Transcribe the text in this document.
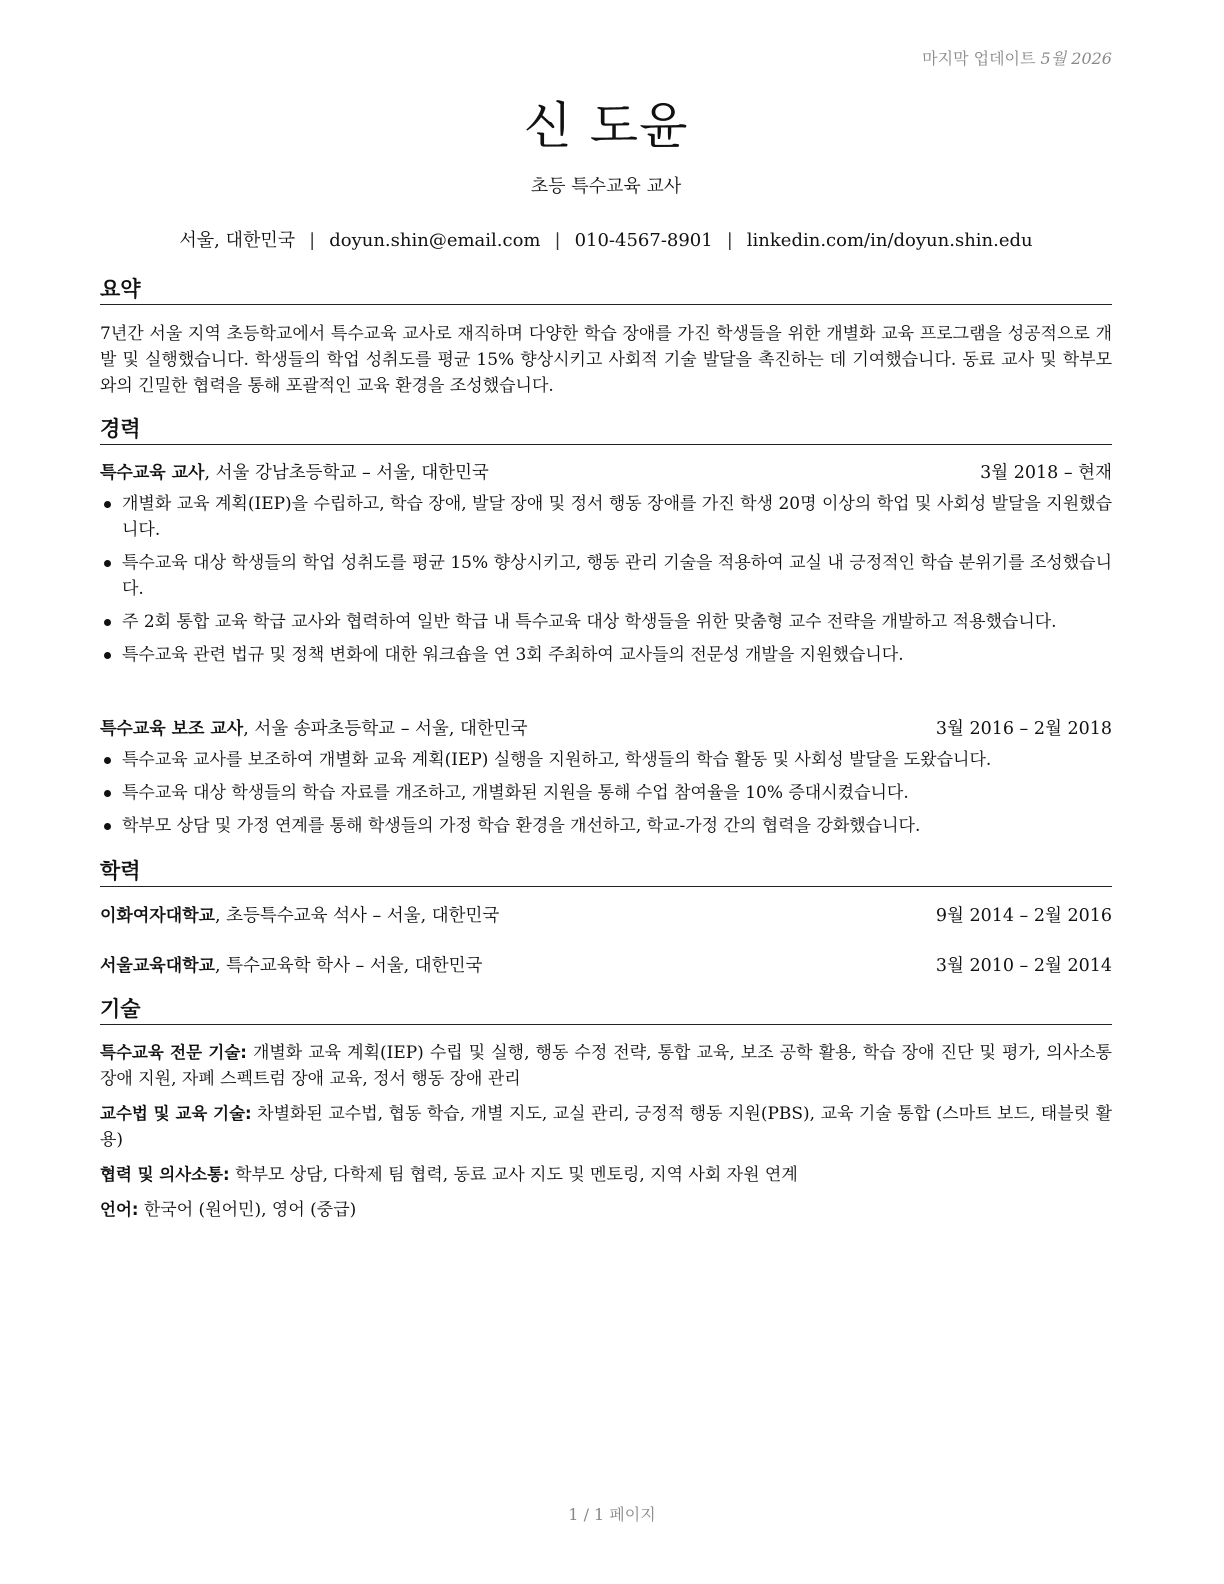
마지막 업데이트 5월 2026
신 도윤
초등 특수교육 교사
서울, 대한민국 | doyun.shin@email.com | 010-4567-8901 | linkedin.com/in/doyun.shin.edu
요약
7년간 서울 지역 초등학교에서 특수교육 교사로 재직하며 다양한 학습 장애를 가진 학생들을 위한 개별화 교육 프로그램을 성공적으로 개발 및 실행했습니다. 학생들의 학업 성취도를 평균 15% 향상시키고 사회적 기술 발달을 촉진하는 데 기여했습니다. 동료 교사 및 학부모와의 긴밀한 협력을 통해 포괄적인 교육 환경을 조성했습니다.
경력
특수교육 교사, 서울 강남초등학교 – 서울, 대한민국	3월 2018 – 현재
개별화 교육 계획(IEP)을 수립하고, 학습 장애, 발달 장애 및 정서 행동 장애를 가진 학생 20명 이상의 학업 및 사회성 발달을 지원했습니다.
특수교육 대상 학생들의 학업 성취도를 평균 15% 향상시키고, 행동 관리 기술을 적용하여 교실 내 긍정적인 학습 분위기를 조성했습니다.
주 2회 통합 교육 학급 교사와 협력하여 일반 학급 내 특수교육 대상 학생들을 위한 맞춤형 교수 전략을 개발하고 적용했습니다.
특수교육 관련 법규 및 정책 변화에 대한 워크숍을 연 3회 주최하여 교사들의 전문성 개발을 지원했습니다.
특수교육 보조 교사, 서울 송파초등학교 – 서울, 대한민국	3월 2016 – 2월 2018
특수교육 교사를 보조하여 개별화 교육 계획(IEP) 실행을 지원하고, 학생들의 학습 활동 및 사회성 발달을 도왔습니다.
특수교육 대상 학생들의 학습 자료를 개조하고, 개별화된 지원을 통해 수업 참여율을 10% 증대시켰습니다.
학부모 상담 및 가정 연계를 통해 학생들의 가정 학습 환경을 개선하고, 학교-가정 간의 협력을 강화했습니다.
학력
이화여자대학교, 초등특수교육 석사 – 서울, 대한민국	9월 2014 – 2월 2016
서울교육대학교, 특수교육학 학사 – 서울, 대한민국	3월 2010 – 2월 2014
기술
특수교육 전문 기술: 개별화 교육 계획(IEP) 수립 및 실행, 행동 수정 전략, 통합 교육, 보조 공학 활용, 학습 장애 진단 및 평가, 의사소통 장애 지원, 자폐 스펙트럼 장애 교육, 정서 행동 장애 관리
교수법 및 교육 기술: 차별화된 교수법, 협동 학습, 개별 지도, 교실 관리, 긍정적 행동 지원(PBS), 교육 기술 통합 (스마트 보드, 태블릿 활용)
협력 및 의사소통: 학부모 상담, 다학제 팀 협력, 동료 교사 지도 및 멘토링, 지역 사회 자원 연계
언어: 한국어 (원어민), 영어 (중급)
1 / 1 페이지
